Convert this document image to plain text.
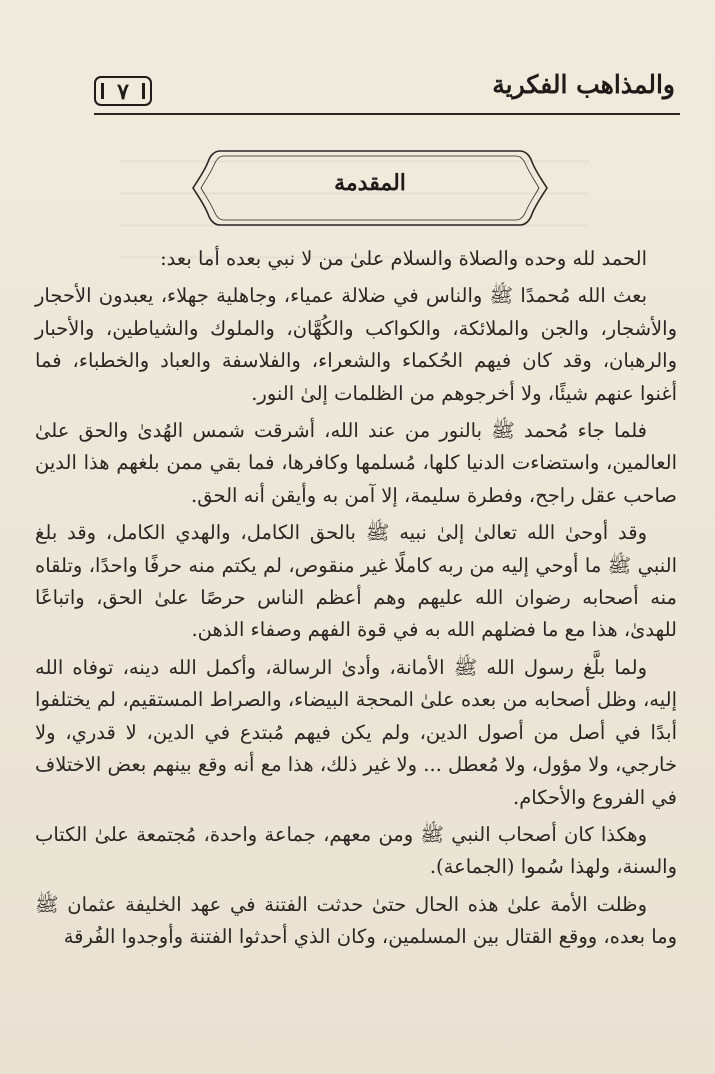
والمذاهب الفكرية
٧
المقدمة

الحمد لله وحده والصلاة والسلام علىٰ من لا نبي بعده أما بعد:

بعث الله مُحمدًا ﷺ والناس في ضلالة عمياء، وجاهلية جهلاء، يعبدون الأحجار والأشجار، والجن والملائكة، والكواكب والكُهَّان، والملوك والشياطين، والأحبار والرهبان، وقد كان فيهم الحُكماء والشعراء، والفلاسفة والعباد والخطباء، فما أغنوا عنهم شيئًا، ولا أخرجوهم من الظلمات إلىٰ النور.

فلما جاء مُحمد ﷺ بالنور من عند الله، أشرقت شمس الهُدىٰ والحق علىٰ العالمين، واستضاءت الدنيا كلها، مُسلمها وكافرها، فما بقي ممن بلغهم هذا الدين صاحب عقل راجح، وفطرة سليمة، إلا آمن به وأيقن أنه الحق.

وقد أوحىٰ الله تعالىٰ إلىٰ نبيه ﷺ بالحق الكامل، والهدي الكامل، وقد بلغ النبي ﷺ ما أوحي إليه من ربه كاملًا غير منقوص، لم يكتم منه حرفًا واحدًا، وتلقاه منه أصحابه رضوان الله عليهم وهم أعظم الناس حرصًا علىٰ الحق، واتباعًا للهدىٰ، هذا مع ما فضلهم الله به في قوة الفهم وصفاء الذهن.

ولما بلَّغ رسول الله ﷺ الأمانة، وأدىٰ الرسالة، وأكمل الله دينه، توفاه الله إليه، وظل أصحابه من بعده علىٰ المحجة البيضاء، والصراط المستقيم، لم يختلفوا أبدًا في أصل من أصول الدين، ولم يكن فيهم مُبتدع في الدين، لا قدري، ولا خارجي، ولا مؤول، ولا مُعطل ... ولا غير ذلك، هذا مع أنه وقع بينهم بعض الاختلاف في الفروع والأحكام.

وهكذا كان أصحاب النبي ﷺ ومن معهم، جماعة واحدة، مُجتمعة علىٰ الكتاب والسنة، ولهذا سُموا (الجماعة).

وظلت الأمة علىٰ هذه الحال حتىٰ حدثت الفتنة في عهد الخليفة عثمان ﷺ وما بعده، ووقع القتال بين المسلمين، وكان الذي أحدثوا الفتنة وأوجدوا الفُرقة
